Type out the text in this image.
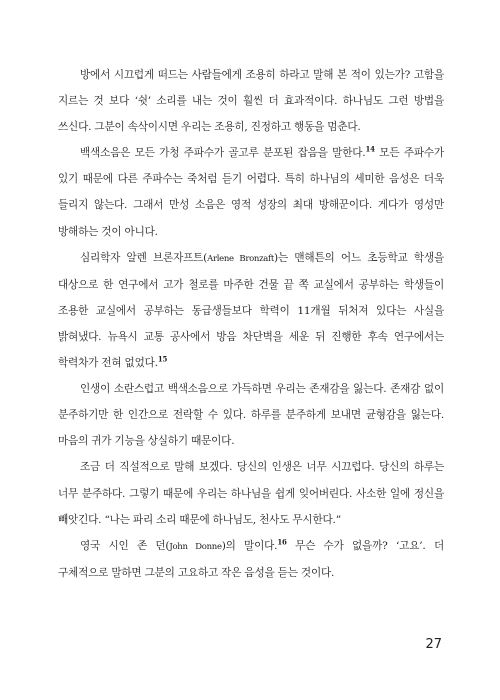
방에서 시끄럽게 떠드는 사람들에게 조용히 하라고 말해 본 적이 있는가? 고함을 지르는 것 보다 ‘쉿’ 소리를 내는 것이 훨씬 더 효과적이다. 하나님도 그런 방법을 쓰신다. 그분이 속삭이시면 우리는 조용히, 진정하고 행동을 멈춘다.

백색소음은 모든 가청 주파수가 골고루 분포된 잡음을 말한다.$^{14}$ 모든 주파수가 있기 때문에 다른 주파수는 죽처럼 듣기 어렵다. 특히 하나님의 세미한 음성은 더욱 들리지 않는다. 그래서 만성 소음은 영적 성장의 최대 방해꾼이다. 게다가 영성만 방해하는 것이 아니다.

심리학자 알렌 브론자프트(Arlene Bronzaft)는 맨해튼의 어느 초등학교 학생을 대상으로 한 연구에서 고가 철로를 마주한 건물 끝 쪽 교실에서 공부하는 학생들이 조용한 교실에서 공부하는 동급생들보다 학력이 11개월 뒤처져 있다는 사실을 밝혀냈다. 뉴욕시 교통 공사에서 방음 차단벽을 세운 뒤 진행한 후속 연구에서는 학력차가 전혀 없었다.$^{15}$

인생이 소란스럽고 백색소음으로 가득하면 우리는 존재감을 잃는다. 존재감 없이 분주하기만 한 인간으로 전락할 수 있다. 하루를 분주하게 보내면 균형감을 잃는다. 마음의 귀가 기능을 상실하기 때문이다.

조금 더 직설적으로 말해 보겠다. 당신의 인생은 너무 시끄럽다. 당신의 하루는 너무 분주하다. 그렇기 때문에 우리는 하나님을 쉽게 잊어버린다. 사소한 일에 정신을 빼앗긴다. “나는 파리 소리 때문에 하나님도, 천사도 무시한다.”

영국 시인 존 던(John Donne)의 말이다.$^{16}$ 무슨 수가 없을까? ‘고요’. 더 구체적으로 말하면 그분의 고요하고 작은 음성을 듣는 것이다.

27
